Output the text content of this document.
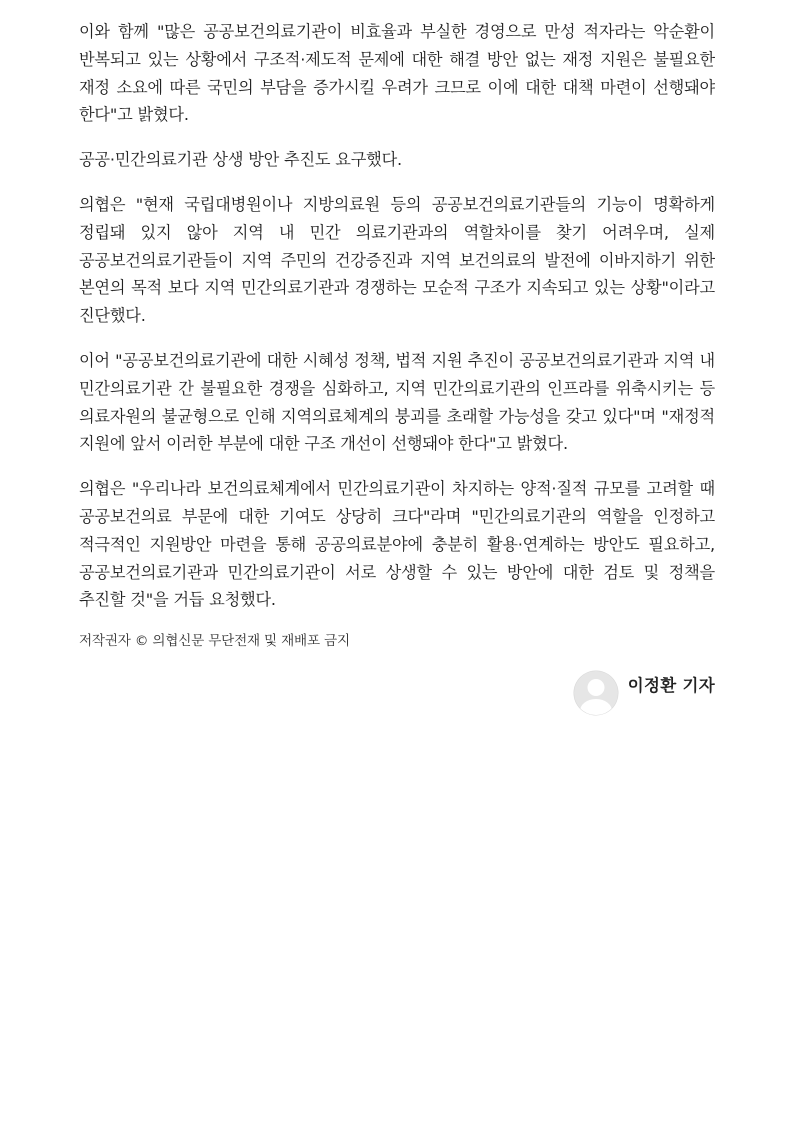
이와 함께 "많은 공공보건의료기관이 비효율과 부실한 경영으로 만성 적자라는 악순환이 반복되고 있는 상황에서 구조적·제도적 문제에 대한 해결 방안 없는 재정 지원은 불필요한 재정 소요에 따른 국민의 부담을 증가시킬 우려가 크므로 이에 대한 대책 마련이 선행돼야 한다"고 밝혔다.

공공·민간의료기관 상생 방안 추진도 요구했다.

의협은 "현재 국립대병원이나 지방의료원 등의 공공보건의료기관들의 기능이 명확하게 정립돼 있지 않아 지역 내 민간 의료기관과의 역할차이를 찾기 어려우며, 실제 공공보건의료기관들이 지역 주민의 건강증진과 지역 보건의료의 발전에 이바지하기 위한 본연의 목적 보다 지역 민간의료기관과 경쟁하는 모순적 구조가 지속되고 있는 상황"이라고 진단했다.

이어 "공공보건의료기관에 대한 시혜성 정책, 법적 지원 추진이 공공보건의료기관과 지역 내 민간의료기관 간 불필요한 경쟁을 심화하고, 지역 민간의료기관의 인프라를 위축시키는 등 의료자원의 불균형으로 인해 지역의료체계의 붕괴를 초래할 가능성을 갖고 있다"며 "재정적 지원에 앞서 이러한 부분에 대한 구조 개선이 선행돼야 한다"고 밝혔다.

의협은 "우리나라 보건의료체계에서 민간의료기관이 차지하는 양적·질적 규모를 고려할 때 공공보건의료 부문에 대한 기여도 상당히 크다"라며 "민간의료기관의 역할을 인정하고 적극적인 지원방안 마련을 통해 공공의료분야에 충분히 활용·연계하는 방안도 필요하고, 공공보건의료기관과 민간의료기관이 서로 상생할 수 있는 방안에 대한 검토 및 정책을 추진할 것"을 거듭 요청했다.

저작권자 © 의협신문 무단전재 및 재배포 금지

이정환 기자
